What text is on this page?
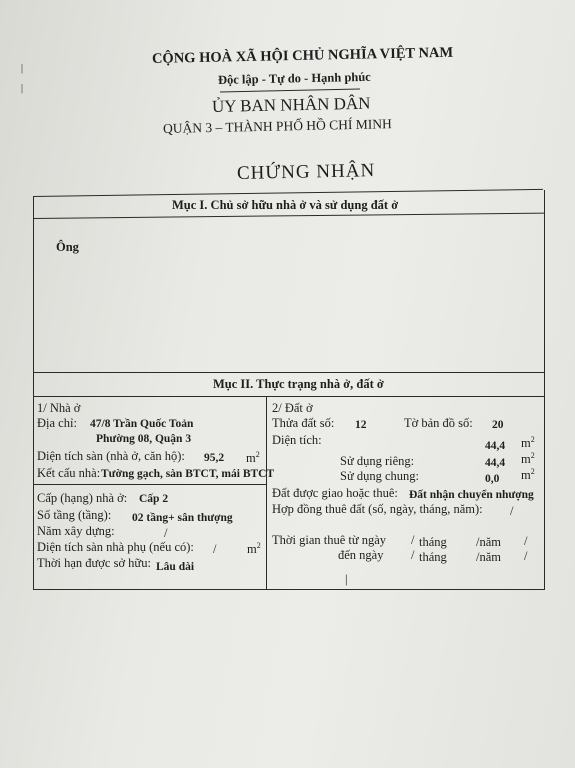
|
|
CỘNG HOÀ XÃ HỘI CHỦ NGHĨA VIỆT NAM
Độc lập - Tự do - Hạnh phúc
ỦY BAN NHÂN DÂN
QUẬN 3 – THÀNH PHỐ HỒ CHÍ MINH
CHỨNG NHẬN
Mục I. Chủ sở hữu nhà ở và sử dụng đất ở
Ông
Mục II. Thực trạng nhà ở, đất ở
1/ Nhà ở
Địa chỉ: 47/8 Trần Quốc Toản
Phường 08, Quận 3
Diện tích sàn (nhà ở, căn hộ): 95,2 $m^2$
Kết cấu nhà: Tường gạch, sàn BTCT, mái BTCT
Cấp (hạng) nhà ở: Cấp 2
Số tầng (tầng): 02 tầng+ sân thượng
Năm xây dựng:	/
Diện tích sàn nhà phụ (nếu có): / $m^2$
Thời hạn được sở hữu: Lâu dài
2/ Đất ở
Thửa đất số: 12	Tờ bản đồ số: 20
Diện tích:	44,4 $m^2$
Sử dụng riêng:	44,4 $m^2$
Sử dụng chung:	0,0 $m^2$
Đất được giao hoặc thuê: Đất nhận chuyển nhượng
Hợp đồng thuê đất (số, ngày, tháng, năm): /
Thời gian thuê từ ngày / tháng /năm /
đến ngày / tháng /năm /
|
